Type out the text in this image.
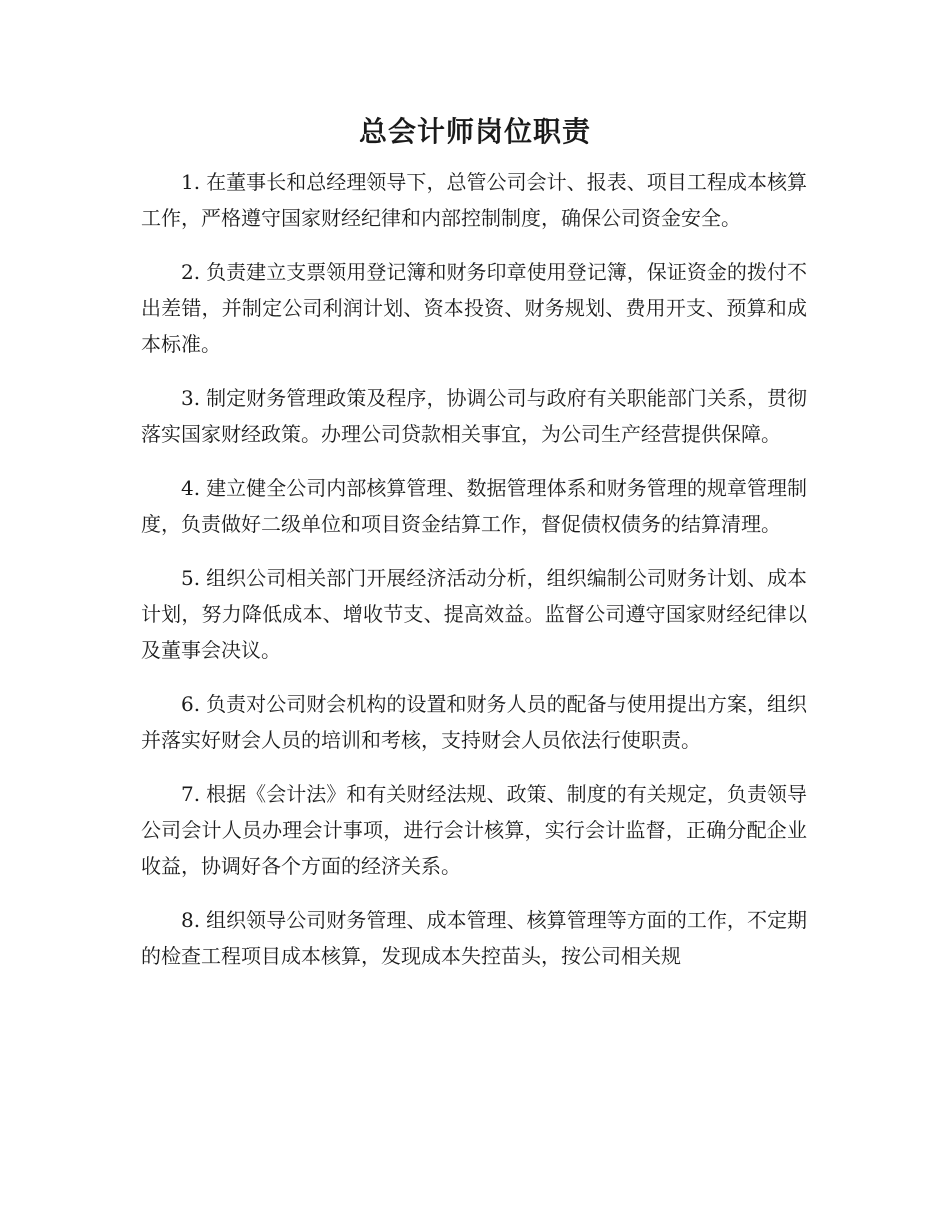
总会计师岗位职责

1. 在董事长和总经理领导下，总管公司会计、报表、项目工程成本核算工作，严格遵守国家财经纪律和内部控制制度，确保公司资金安全。

2. 负责建立支票领用登记簿和财务印章使用登记簿，保证资金的拨付不出差错，并制定公司利润计划、资本投资、财务规划、费用开支、预算和成本标准。

3. 制定财务管理政策及程序，协调公司与政府有关职能部门关系，贯彻落实国家财经政策。办理公司贷款相关事宜，为公司生产经营提供保障。

4. 建立健全公司内部核算管理、数据管理体系和财务管理的规章管理制度，负责做好二级单位和项目资金结算工作，督促债权债务的结算清理。

5. 组织公司相关部门开展经济活动分析，组织编制公司财务计划、成本计划，努力降低成本、增收节支、提高效益。监督公司遵守国家财经纪律以及董事会决议。

6. 负责对公司财会机构的设置和财务人员的配备与使用提出方案，组织并落实好财会人员的培训和考核，支持财会人员依法行使职责。

7. 根据《会计法》和有关财经法规、政策、制度的有关规定，负责领导公司会计人员办理会计事项，进行会计核算，实行会计监督，正确分配企业收益，协调好各个方面的经济关系。

8. 组织领导公司财务管理、成本管理、核算管理等方面的工作，不定期的检查工程项目成本核算，发现成本失控苗头，按公司相关规
